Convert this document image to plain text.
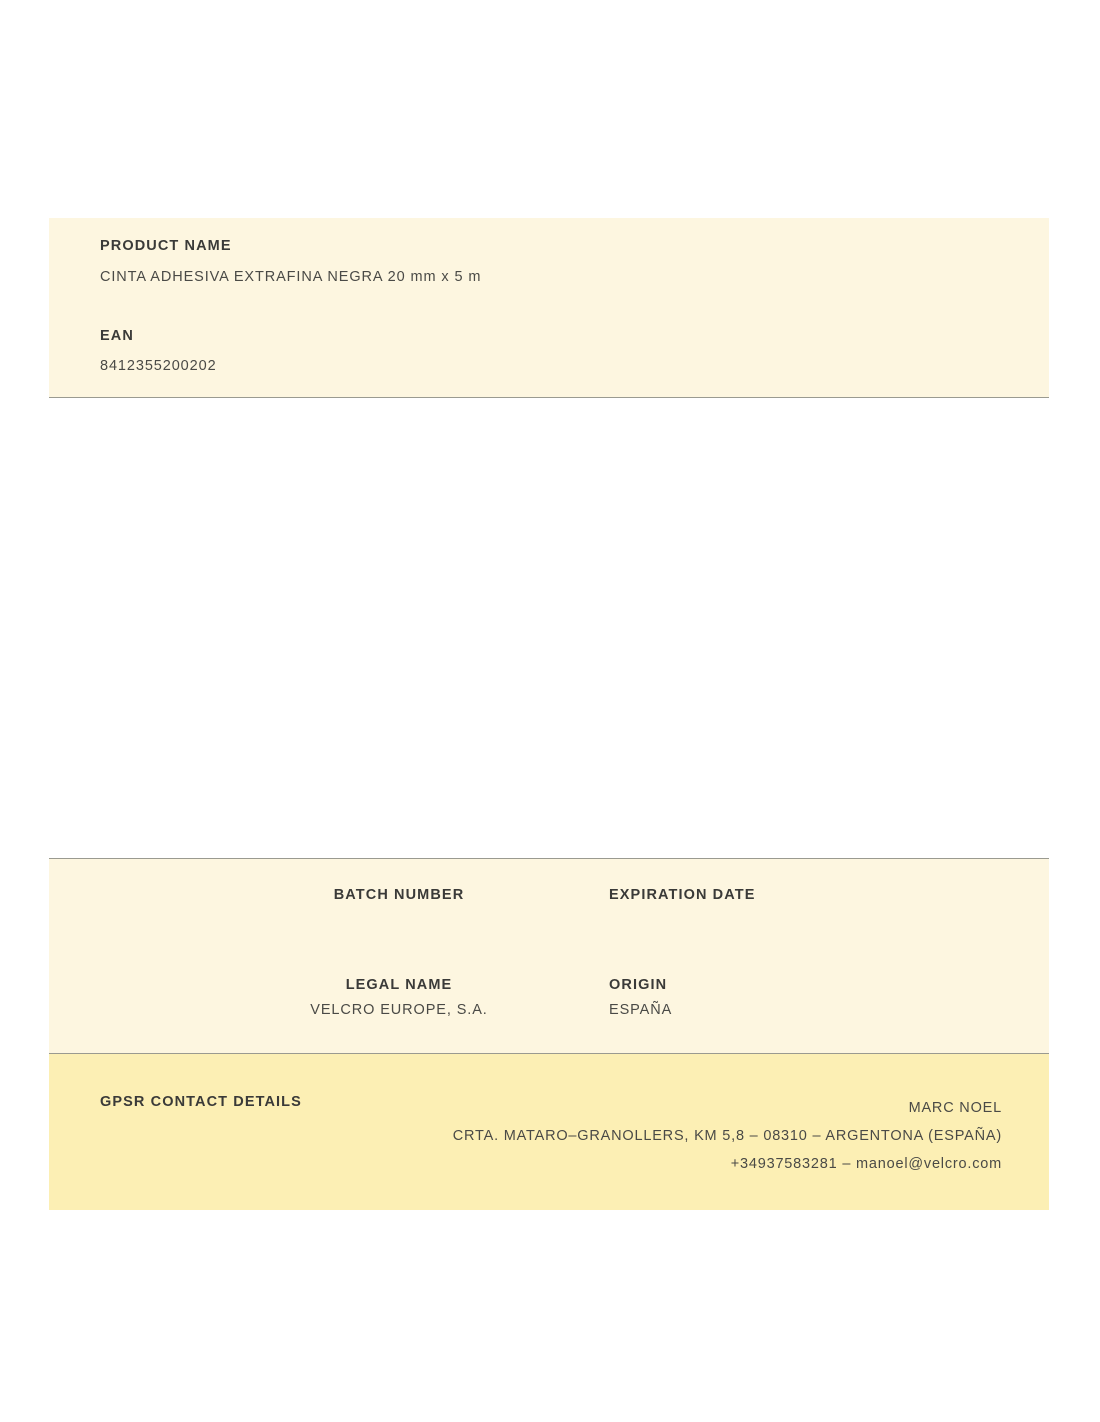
PRODUCT NAME
CINTA ADHESIVA EXTRAFINA NEGRA 20 mm x 5 m
EAN
8412355200202
BATCH NUMBER	EXPIRATION DATE
LEGAL NAME
VELCRO EUROPE, S.A.
ORIGIN
ESPAÑA
GPSR CONTACT DETAILS	MARC NOEL
CRTA. MATARO–GRANOLLERS, KM 5,8 – 08310 – ARGENTONA (ESPAÑA)
+34937583281 – manoel@velcro.com
